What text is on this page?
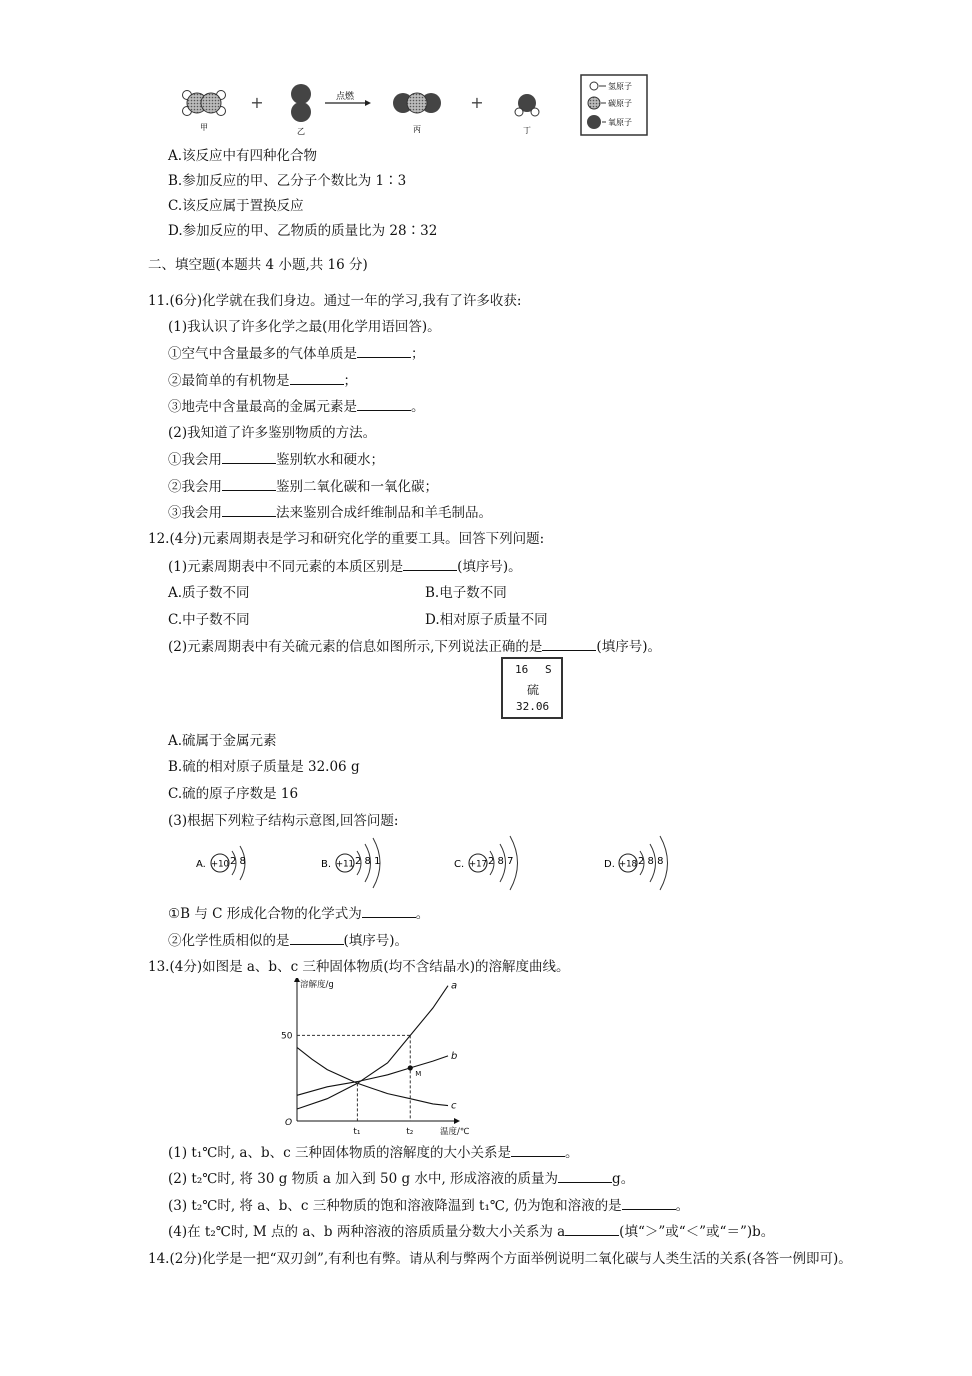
甲
+
乙
点燃
丙
+
丁
氢原子
碳原子
氧原子
A.该反应中有四种化合物
B.参加反应的甲、乙分子个数比为 1∶3
C.该反应属于置换反应
D.参加反应的甲、乙物质的质量比为 28∶32
二、填空题(本题共 4 小题,共 16 分)
11.(6分)化学就在我们身边。通过一年的学习,我有了许多收获:
(1)我认识了许多化学之最(用化学用语回答)。
①空气中含量最多的气体单质是	；
②最简单的有机物是	；
③地壳中含量最高的金属元素是	。
(2)我知道了许多鉴别物质的方法。
①我会用	鉴别软水和硬水；
②我会用	鉴别二氧化碳和一氧化碳；
③我会用	法来鉴别合成纤维制品和羊毛制品。
12.(4分)元素周期表是学习和研究化学的重要工具。回答下列问题:
(1)元素周期表中不同元素的本质区别是	(填序号)。
A.质子数不同	B.电子数不同
C.中子数不同	D.相对原子质量不同
(2)元素周期表中有关硫元素的信息如图所示,下列说法正确的是	(填序号)。
16 S
硫
32.06
A.硫属于金属元素
B.硫的相对原子质量是 32.06 g
C.硫的原子序数是 16
(3)根据下列粒子结构示意图,回答问题:
A. +10 2 8	B. +11 2 8 1	C. +17 2 8 7	D. +18 2 8 8
①B 与 C 形成化合物的化学式为	。
②化学性质相似的是	(填序号)。
13.(4分)如图是 a、b、c 三种固体物质(均不含结晶水)的溶解度曲线。
溶解度/g
温度/℃
O
50
a
b
c
t₁	t₂
M
(1) t₁℃时, a、b、c 三种固体物质的溶解度的大小关系是	。
(2) t₂℃时, 将 30 g 物质 a 加入到 50 g 水中, 形成溶液的质量为	g。
(3) t₂℃时, 将 a、b、c 三种物质的饱和溶液降温到 t₁℃, 仍为饱和溶液的是	。
(4)在 t₂℃时, M 点的 a、b 两种溶液的溶质质量分数大小关系为 a	(填“＞”或“＜”或“＝”)b。
14.(2分)化学是一把“双刃剑”,有利也有弊。请从利与弊两个方面举例说明二氧化碳与人类生活的关系(各答一例即可)。
